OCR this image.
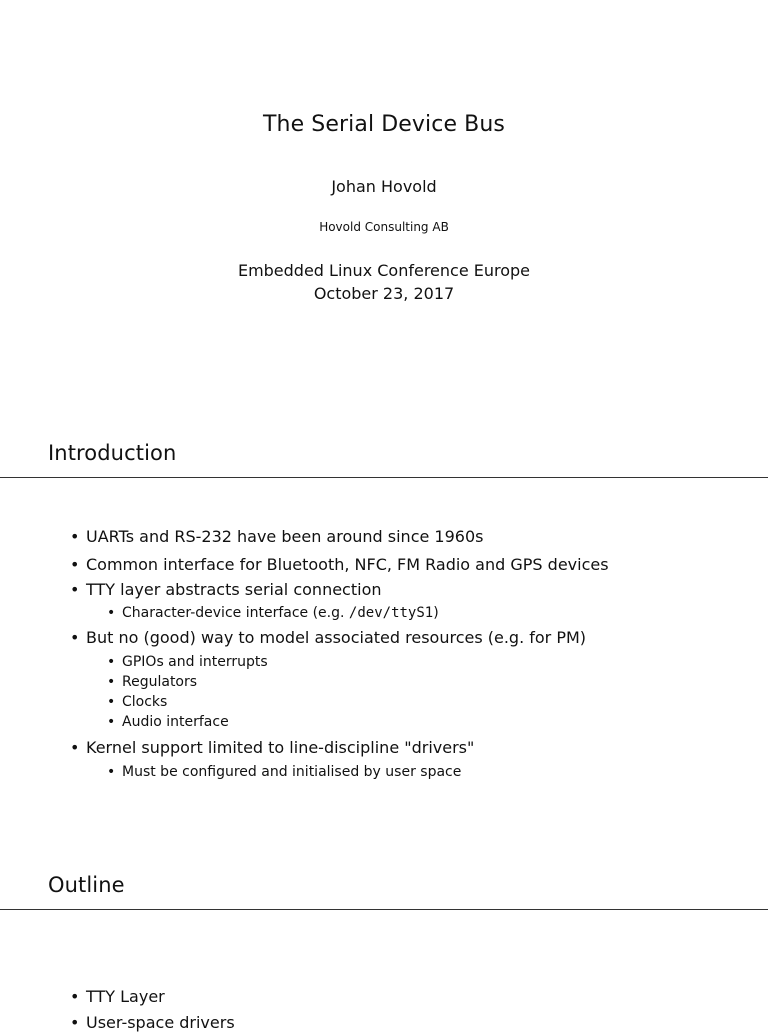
The Serial Device Bus
Johan Hovold
Hovold Consulting AB
Embedded Linux Conference Europe
October 23, 2017
Introduction
• UARTs and RS-232 have been around since 1960s
• Common interface for Bluetooth, NFC, FM Radio and GPS devices
• TTY layer abstracts serial connection
• Character-device interface (e.g. /dev/ttyS1)
• But no (good) way to model associated resources (e.g. for PM)
• GPIOs and interrupts
• Regulators
• Clocks
• Audio interface
• Kernel support limited to line-discipline "drivers"
• Must be configured and initialised by user space
Outline
• TTY Layer
• User-space drivers
